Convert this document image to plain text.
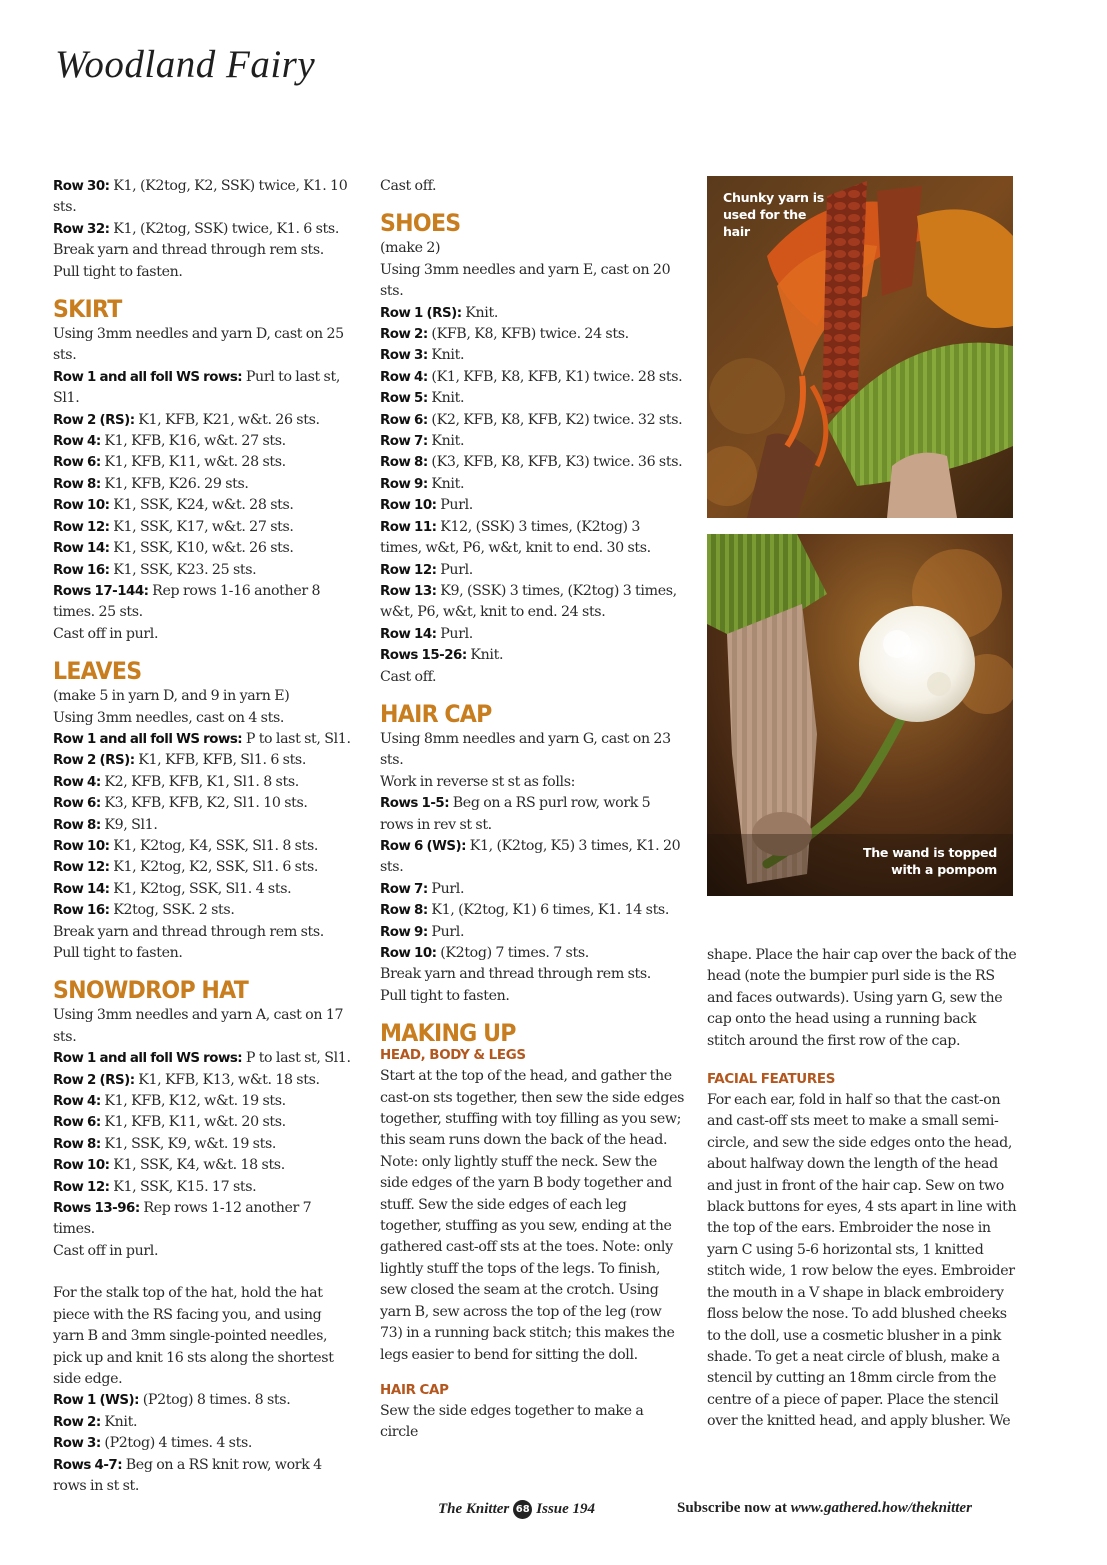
Woodland Fairy

Row 30: K1, (K2tog, K2, SSK) twice, K1. 10 sts.

Row 32: K1, (K2tog, SSK) twice, K1. 6 sts.

Break yarn and thread through rem sts.

Pull tight to fasten.

SKIRT

Using 3mm needles and yarn D, cast on 25 sts.

Row 1 and all foll WS rows: Purl to last st, Sl1.

Row 2 (RS): K1, KFB, K21, w&t. 26 sts.

Row 4: K1, KFB, K16, w&t. 27 sts.

Row 6: K1, KFB, K11, w&t. 28 sts.

Row 8: K1, KFB, K26. 29 sts.

Row 10: K1, SSK, K24, w&t. 28 sts.

Row 12: K1, SSK, K17, w&t. 27 sts.

Row 14: K1, SSK, K10, w&t. 26 sts.

Row 16: K1, SSK, K23. 25 sts.

Rows 17-144: Rep rows 1-16 another 8 times. 25 sts.

Cast off in purl.

LEAVES

(make 5 in yarn D, and 9 in yarn E)

Using 3mm needles, cast on 4 sts.

Row 1 and all foll WS rows: P to last st, Sl1.

Row 2 (RS): K1, KFB, KFB, Sl1. 6 sts.

Row 4: K2, KFB, KFB, K1, Sl1. 8 sts.

Row 6: K3, KFB, KFB, K2, Sl1. 10 sts.

Row 8: K9, Sl1.

Row 10: K1, K2tog, K4, SSK, Sl1. 8 sts.

Row 12: K1, K2tog, K2, SSK, Sl1. 6 sts.

Row 14: K1, K2tog, SSK, Sl1. 4 sts.

Row 16: K2tog, SSK. 2 sts.

Break yarn and thread through rem sts.

Pull tight to fasten.

SNOWDROP HAT

Using 3mm needles and yarn A, cast on 17 sts.

Row 1 and all foll WS rows: P to last st, Sl1.

Row 2 (RS): K1, KFB, K13, w&t. 18 sts.

Row 4: K1, KFB, K12, w&t. 19 sts.

Row 6: K1, KFB, K11, w&t. 20 sts.

Row 8: K1, SSK, K9, w&t. 19 sts.

Row 10: K1, SSK, K4, w&t. 18 sts.

Row 12: K1, SSK, K15. 17 sts.

Rows 13-96: Rep rows 1-12 another 7 times.

Cast off in purl.

For the stalk top of the hat, hold the hat piece with the RS facing you, and using yarn B and 3mm single-pointed needles, pick up and knit 16 sts along the shortest side edge.

Row 1 (WS): (P2tog) 8 times. 8 sts.

Row 2: Knit.

Row 3: (P2tog) 4 times. 4 sts.

Rows 4-7: Beg on a RS knit row, work 4 rows in st st.

Cast off.

SHOES

(make 2)

Using 3mm needles and yarn E, cast on 20 sts.

Row 1 (RS): Knit.

Row 2: (KFB, K8, KFB) twice. 24 sts.

Row 3: Knit.

Row 4: (K1, KFB, K8, KFB, K1) twice. 28 sts.

Row 5: Knit.

Row 6: (K2, KFB, K8, KFB, K2) twice. 32 sts.

Row 7: Knit.

Row 8: (K3, KFB, K8, KFB, K3) twice. 36 sts.

Row 9: Knit.

Row 10: Purl.

Row 11: K12, (SSK) 3 times, (K2tog) 3 times, w&t, P6, w&t, knit to end. 30 sts.

Row 12: Purl.

Row 13: K9, (SSK) 3 times, (K2tog) 3 times, w&t, P6, w&t, knit to end. 24 sts.

Row 14: Purl.

Rows 15-26: Knit.

Cast off.

HAIR CAP

Using 8mm needles and yarn G, cast on 23 sts.

Work in reverse st st as folls:

Rows 1-5: Beg on a RS purl row, work 5 rows in rev st st.

Row 6 (WS): K1, (K2tog, K5) 3 times, K1. 20 sts.

Row 7: Purl.

Row 8: K1, (K2tog, K1) 6 times, K1. 14 sts.

Row 9: Purl.

Row 10: (K2tog) 7 times. 7 sts.

Break yarn and thread through rem sts.

Pull tight to fasten.

MAKING UP
HEAD, BODY & LEGS

Start at the top of the head, and gather the cast-on sts together, then sew the side edges together, stuffing with toy filling as you sew; this seam runs down the back of the head. Note: only lightly stuff the neck. Sew the side edges of the yarn B body together and stuff. Sew the side edges of each leg together, stuffing as you sew, ending at the gathered cast-off sts at the toes. Note: only lightly stuff the tops of the legs. To finish, sew closed the seam at the crotch. Using yarn B, sew across the top of the leg (row 73) in a running back stitch; this makes the legs easier to bend for sitting the doll.

HAIR CAP

Sew the side edges together to make a circle

Chunky yarn is used for the hair
The wand is topped with a pompom

shape. Place the hair cap over the back of the head (note the bumpier purl side is the RS and faces outwards). Using yarn G, sew the cap onto the head using a running back stitch around the first row of the cap.

FACIAL FEATURES

For each ear, fold in half so that the cast-on and cast-off sts meet to make a small semi-circle, and sew the side edges onto the head, about halfway down the length of the head and just in front of the hair cap. Sew on two black buttons for eyes, 4 sts apart in line with the top of the ears. Embroider the nose in yarn C using 5-6 horizontal sts, 1 knitted stitch wide, 1 row below the eyes. Embroider the mouth in a V shape in black embroidery floss below the nose. To add blushed cheeks to the doll, use a cosmetic blusher in a pink shade. To get a neat circle of blush, make a stencil by cutting an 18mm circle from the centre of a piece of paper. Place the stencil over the knitted head, and apply blusher. We

The Knitter 68 Issue 194	Subscribe now at www.gathered.how/theknitter
